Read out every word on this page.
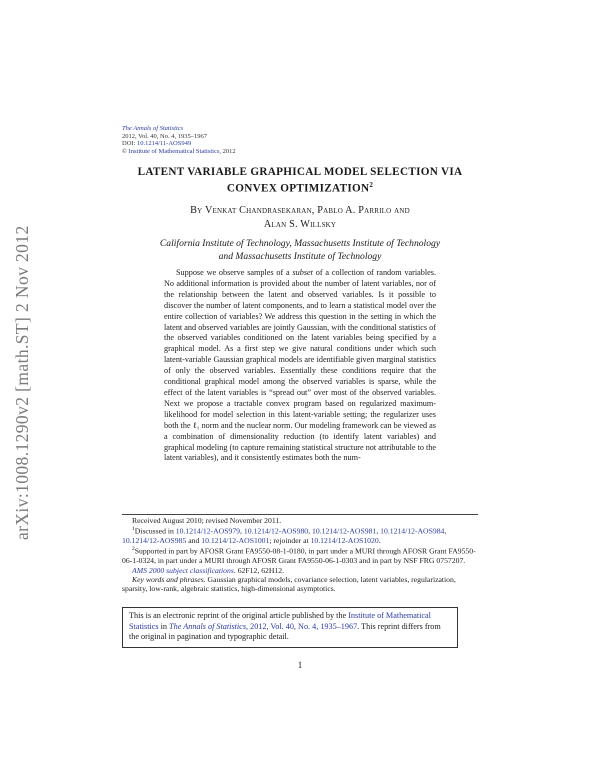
arXiv:1008.1290v2 [math.ST] 2 Nov 2012
The Annals of Statistics
2012, Vol. 40, No. 4, 1935–1967
DOI: 10.1214/11-AOS949
© Institute of Mathematical Statistics, 2012
LATENT VARIABLE GRAPHICAL MODEL SELECTION VIA
CONVEX OPTIMIZATION$^2$
By Venkat Chandrasekaran, Pablo A. Parrilo and
Alan S. Willsky
California Institute of Technology, Massachusetts Institute of Technology
and Massachusetts Institute of Technology

Suppose we observe samples of a subset of a collection of random variables. No additional information is provided about the number of latent variables, nor of the relationship between the latent and observed variables. Is it possible to discover the number of latent components, and to learn a statistical model over the entire collection of variables? We address this question in the setting in which the latent and observed variables are jointly Gaussian, with the conditional statistics of the observed variables conditioned on the latent variables being specified by a graphical model. As a first step we give natural conditions under which such latent-variable Gaussian graphical models are identifiable given marginal statistics of only the observed variables. Essentially these conditions require that the conditional graphical model among the observed variables is sparse, while the effect of the latent variables is “spread out” over most of the observed variables. Next we propose a tractable convex program based on regularized maximum-likelihood for model selection in this latent-variable setting; the regularizer uses both the ℓ₁ norm and the nuclear norm. Our modeling framework can be viewed as a combination of dimensionality reduction (to identify latent variables) and graphical modeling (to capture remaining statistical structure not attributable to the latent variables), and it consistently estimates both the num-

Received August 2010; revised November 2011.

$^1$Discussed in 10.1214/12-AOS979, 10.1214/12-AOS980, 10.1214/12-AOS981, 10.1214/12-AOS984, 10.1214/12-AOS985 and 10.1214/12-AOS1001; rejoinder at 10.1214/12-AOS1020.

$^2$Supported in part by AFOSR Grant FA9550-08-1-0180, in part under a MURI through AFOSR Grant FA9550-06-1-0324, in part under a MURI through AFOSR Grant FA9550-06-1-0303 and in part by NSF FRG 0757207.

AMS 2000 subject classifications. 62F12, 62H12.

Key words and phrases. Gaussian graphical models, covariance selection, latent variables, regularization, sparsity, low-rank, algebraic statistics, high-dimensional asymptotics.

This is an electronic reprint of the original article published by the Institute of Mathematical Statistics in The Annals of Statistics, 2012, Vol. 40, No. 4, 1935–1967. This reprint differs from the original in pagination and typographic detail.
1
